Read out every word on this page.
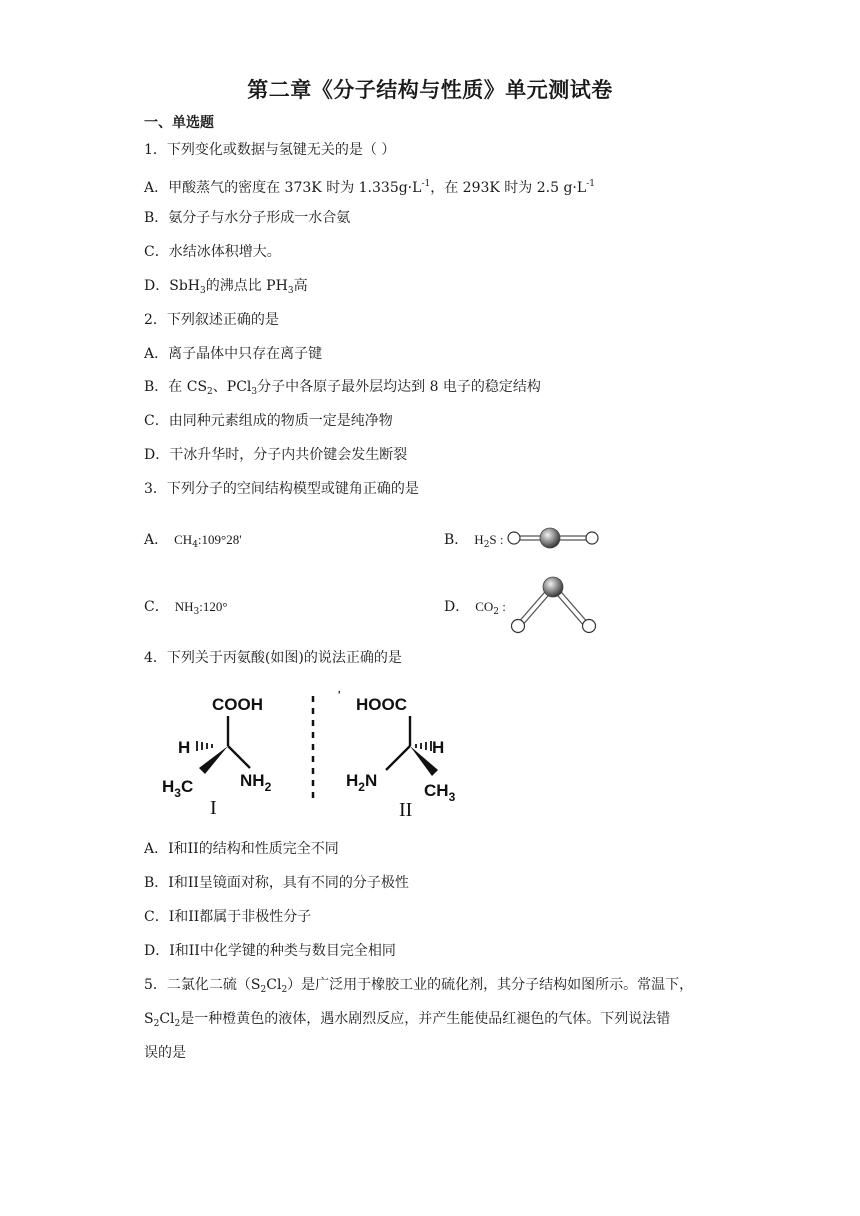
第二章《分子结构与性质》单元测试卷
一、单选题
1．下列变化或数据与氢键无关的是（ ）
A．甲酸蒸气的密度在 373K 时为 $1.335g\cdot L^{-1}$，在 293K 时为 2.5 $g\cdot L^{-1}$
B．氨分子与水分子形成一水合氨
C．水结冰体积增大。
D．SbH$_3$的沸点比 $PH_3$高
2．下列叙述正确的是
A．离子晶体中只存在离子键
B．在 $CS_2$、PCl$_3$分子中各原子最外层均达到 8 电子的稳定结构
C．由同种元素组成的物质一定是纯净物
D．干冰升华时，分子内共价键会发生断裂
3．下列分子的空间结构模型或键角正确的是
A． $CH_4:109^\circ 28'$	B． $H_2S$ :
C． $NH_3:120^\circ$	D． $CO_2$ :
4．下列关于丙氨酸(如图)的说法正确的是
COOH
H
$H_3C$	$NH_2$
I
' HOOC
H
$H_2N$
$CH_3$
II
A．I和II的结构和性质完全不同
B．I和II呈镜面对称，具有不同的分子极性
C．I和II都属于非极性分子
D．I和II中化学键的种类与数目完全相同
5．二氯化二硫$(S_2Cl_2)$是广泛用于橡胶工业的硫化剂，其分子结构如图所示。常温下，
$S_2Cl_2$是一种橙黄色的液体，遇水剧烈反应，并产生能使品红褪色的气体。下列说法错
误的是
